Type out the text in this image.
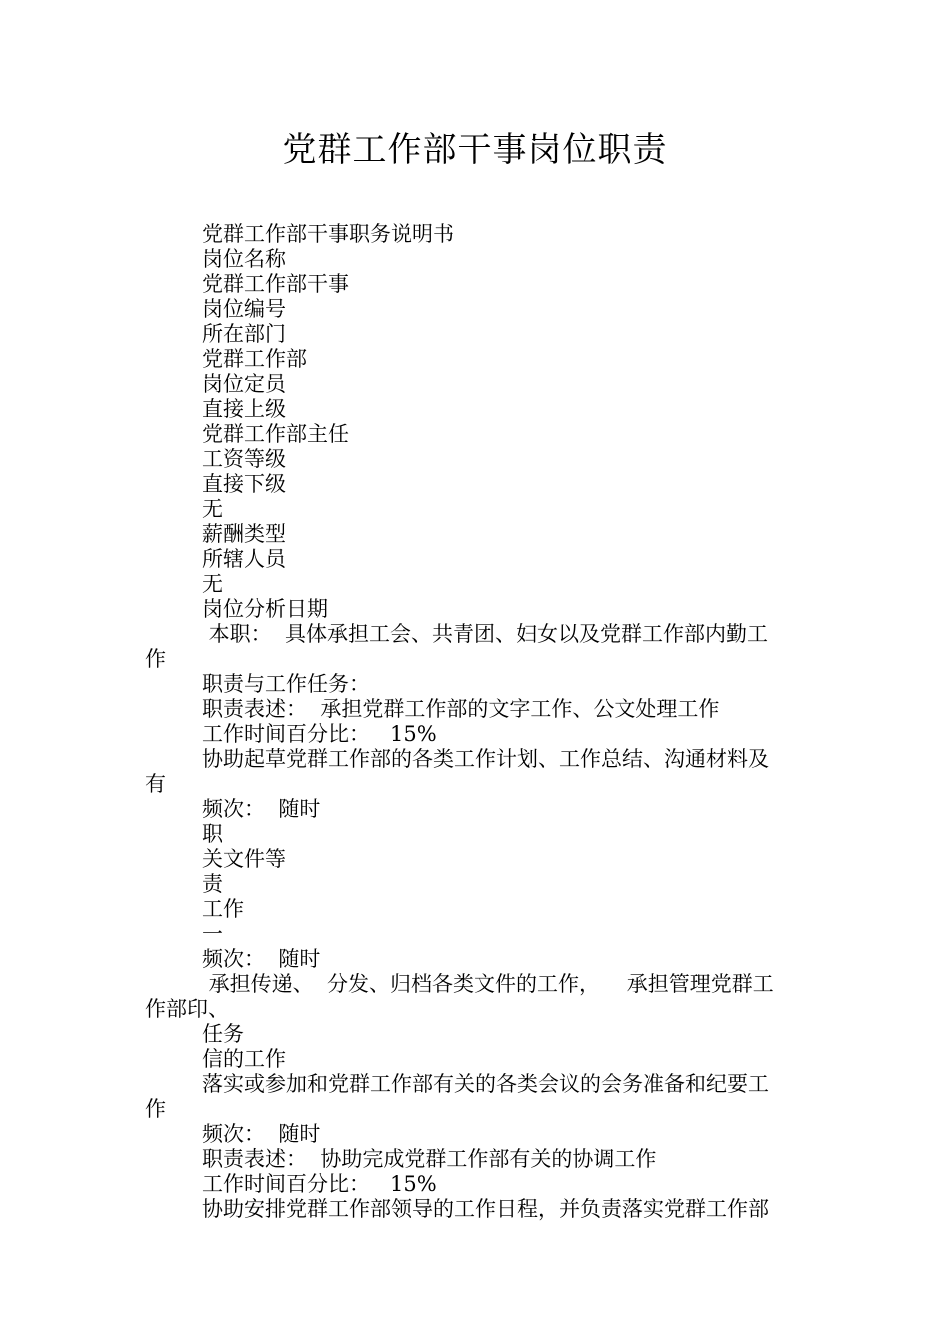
党群工作部干事岗位职责
党群工作部干事职务说明书
岗位名称
党群工作部干事
岗位编号
所在部门
党群工作部
岗位定员
直接上级
党群工作部主任
工资等级
直接下级
无
薪酬类型
所辖人员
无
岗位分析日期
本职：  具体承担工会、共青团、妇女以及党群工作部内勤工
作
职责与工作任务：
职责表述：  承担党群工作部的文字工作、公文处理工作
工作时间百分比：   15%
协助起草党群工作部的各类工作计划、工作总结、沟通材料及
有
频次：  随时
职
关文件等
责
工作
一
频次：  随时
承担传递、  分发、归档各类文件的工作，    承担管理党群工
作部印、
任务
信的工作
落实或参加和党群工作部有关的各类会议的会务准备和纪要工
作
频次：  随时
职责表述：  协助完成党群工作部有关的协调工作
工作时间百分比：   15%
协助安排党群工作部领导的工作日程，并负责落实党群工作部
